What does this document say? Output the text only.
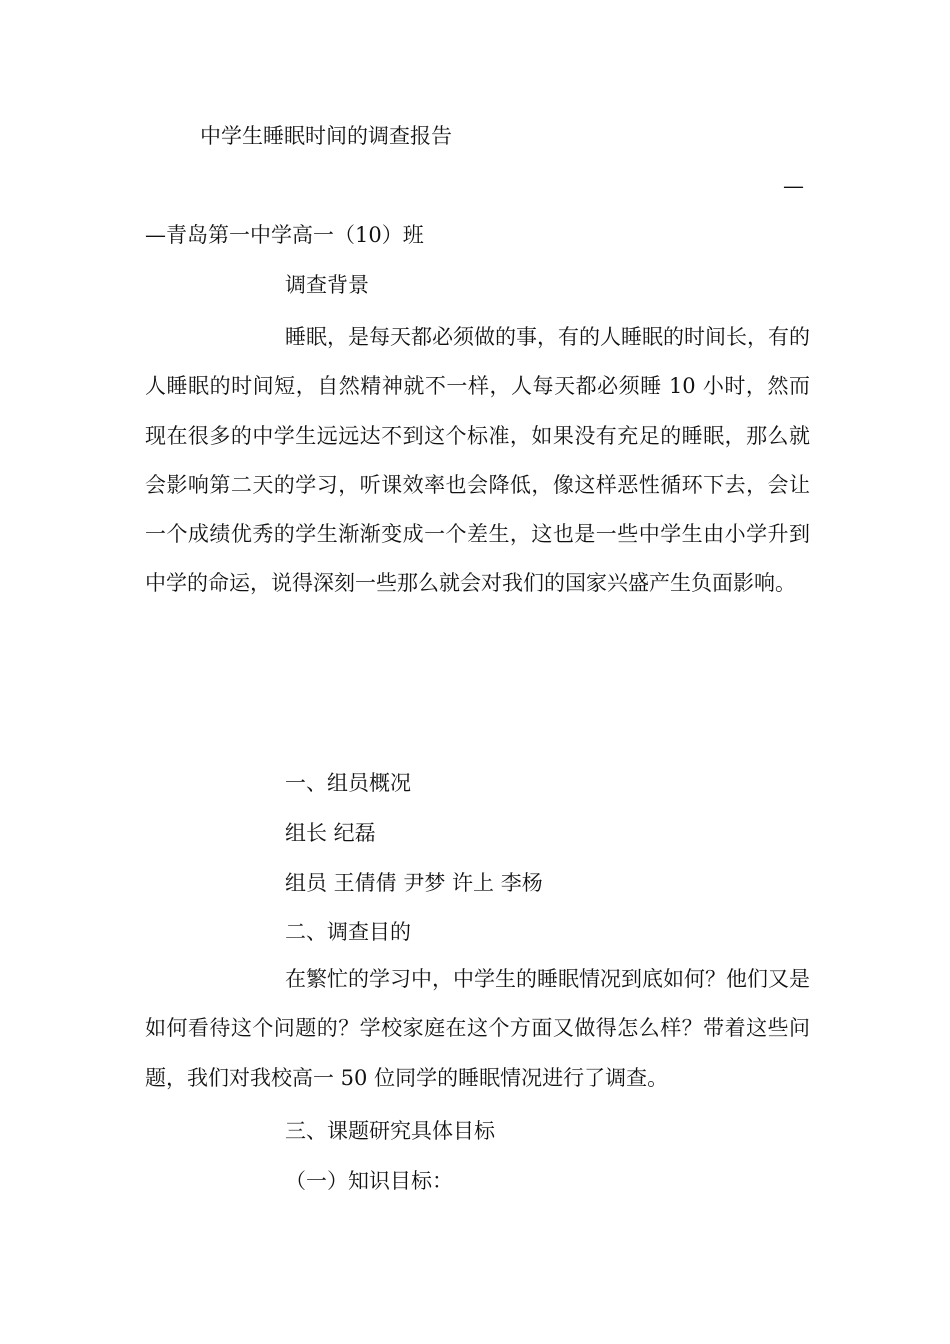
中学生睡眠时间的调查报告
—
—青岛第一中学高一（10）班
调查背景

睡眠，是每天都必须做的事，有的人睡眠的时间长，有的人睡眠的时间短，自然精神就不一样，人每天都必须睡 10 小时，然而现在很多的中学生远远达不到这个标准，如果没有充足的睡眠，那么就会影响第二天的学习，听课效率也会降低，像这样恶性循环下去，会让一个成绩优秀的学生渐渐变成一个差生，这也是一些中学生由小学升到中学的命运，说得深刻一些那么就会对我们的国家兴盛产生负面影响。

一、组员概况
组长 纪磊
组员 王倩倩 尹梦 许上 李杨
二、调查目的

在繁忙的学习中，中学生的睡眠情况到底如何？他们又是如何看待这个问题的？学校家庭在这个方面又做得怎么样？带着这些问题，我们对我校高一 50 位同学的睡眠情况进行了调查。

三、课题研究具体目标
（一）知识目标：
